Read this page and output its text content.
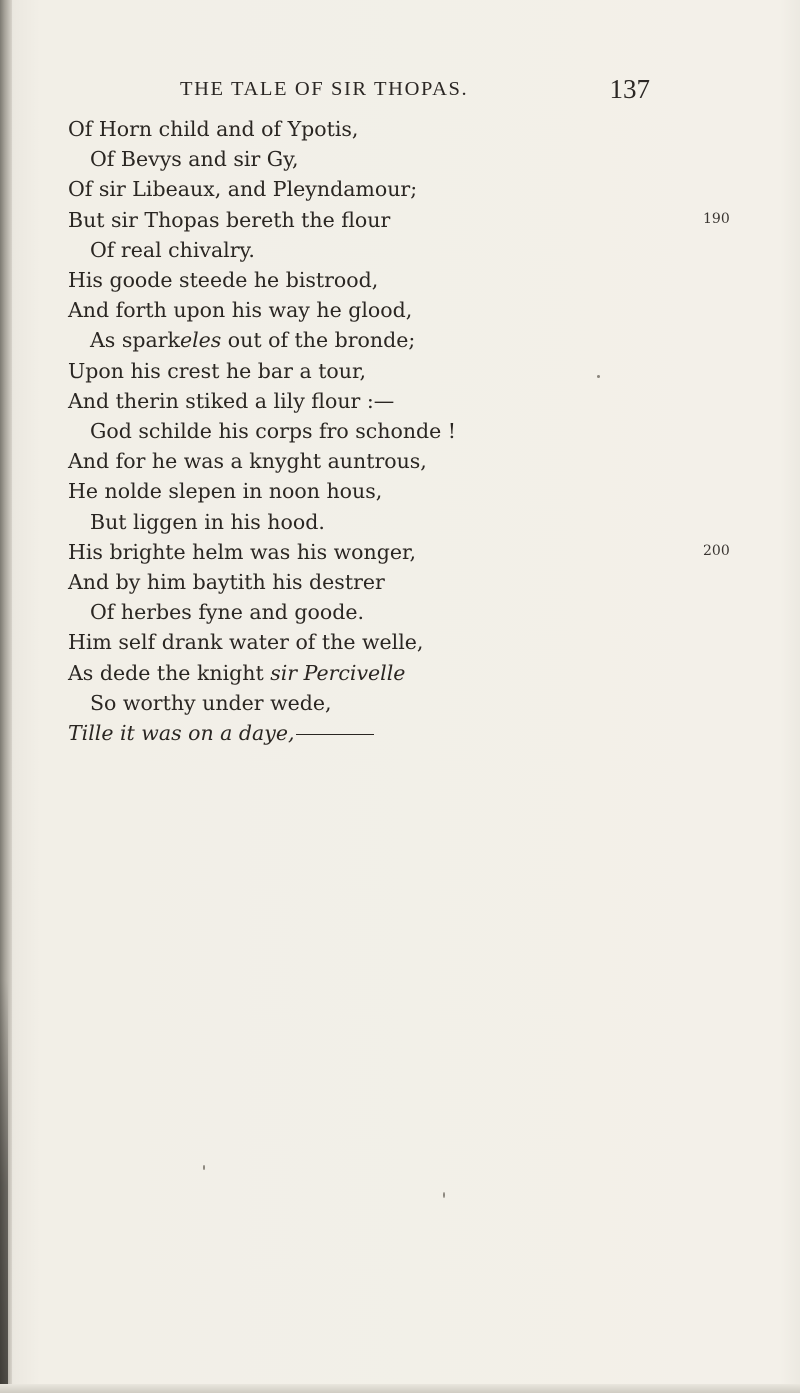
THE TALE OF SIR THOPAS.	137
Of Horn child and of Ypotis,
Of Bevys and sir Gy,
Of sir Libeaux, and Pleyndamour;
But sir Thopas bereth the flour
Of real chivalry.
His goode steede he bistrood,
And forth upon his way he glood,
As sparkeles out of the bronde;
Upon his crest he bar a tour,
And therin stiked a lily flour :—
God schilde his corps fro schonde !
And for he was a knyght auntrous,
He nolde slepen in noon hous,
But liggen in his hood.
His brighte helm was his wonger,
And by him baytith his destrer
Of herbes fyne and goode.
Him self drank water of the welle,
As dede the knight sir Percivelle
So worthy under wede,
Tille it was on a daye,
190
200
